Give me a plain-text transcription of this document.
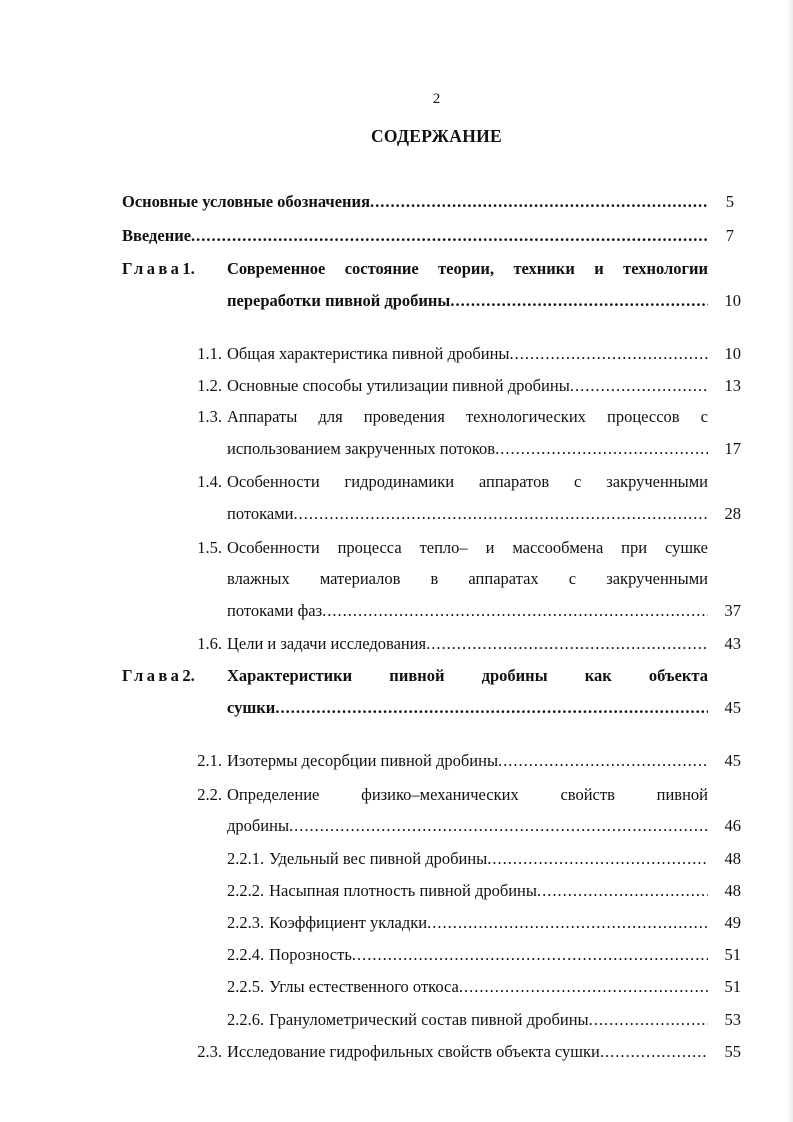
2
СОДЕРЖАНИЕ
Основные условные обозначения .....	5
Введение .....	7
Глава1. Современное состояние теории, техники и технологии
переработки пивной дробины .....	10
1.1. Общая характеристика пивной дробины .....	10
1.2. Основные способы утилизации пивной дробины .....	13
1.3. Аппараты для проведения технологических процессов с
использованием закрученных потоков .....	17
1.4. Особенности гидродинамики аппаратов с закрученными
потоками .....	28
1.5. Особенности процесса тепло– и массообмена при сушке
влажных материалов в аппаратах с закрученными
потоками фаз .....	37
1.6. Цели и задачи исследования .....	43
Глава2. Характеристики пивной дробины как объекта
сушки .....	45
2.1. Изотермы десорбции пивной дробины .....	45
2.2. Определение физико–механических свойств пивной
дробины .....	46
2.2.1. Удельный вес пивной дробины .....	48
2.2.2. Насыпная плотность пивной дробины .....	48
2.2.3. Коэффициент укладки .....	49
2.2.4. Порозность .....	51
2.2.5. Углы естественного откоса .....	51
2.2.6. Гранулометрический состав пивной дробины .....	53
2.3. Исследование гидрофильных свойств объекта сушки .....	55
